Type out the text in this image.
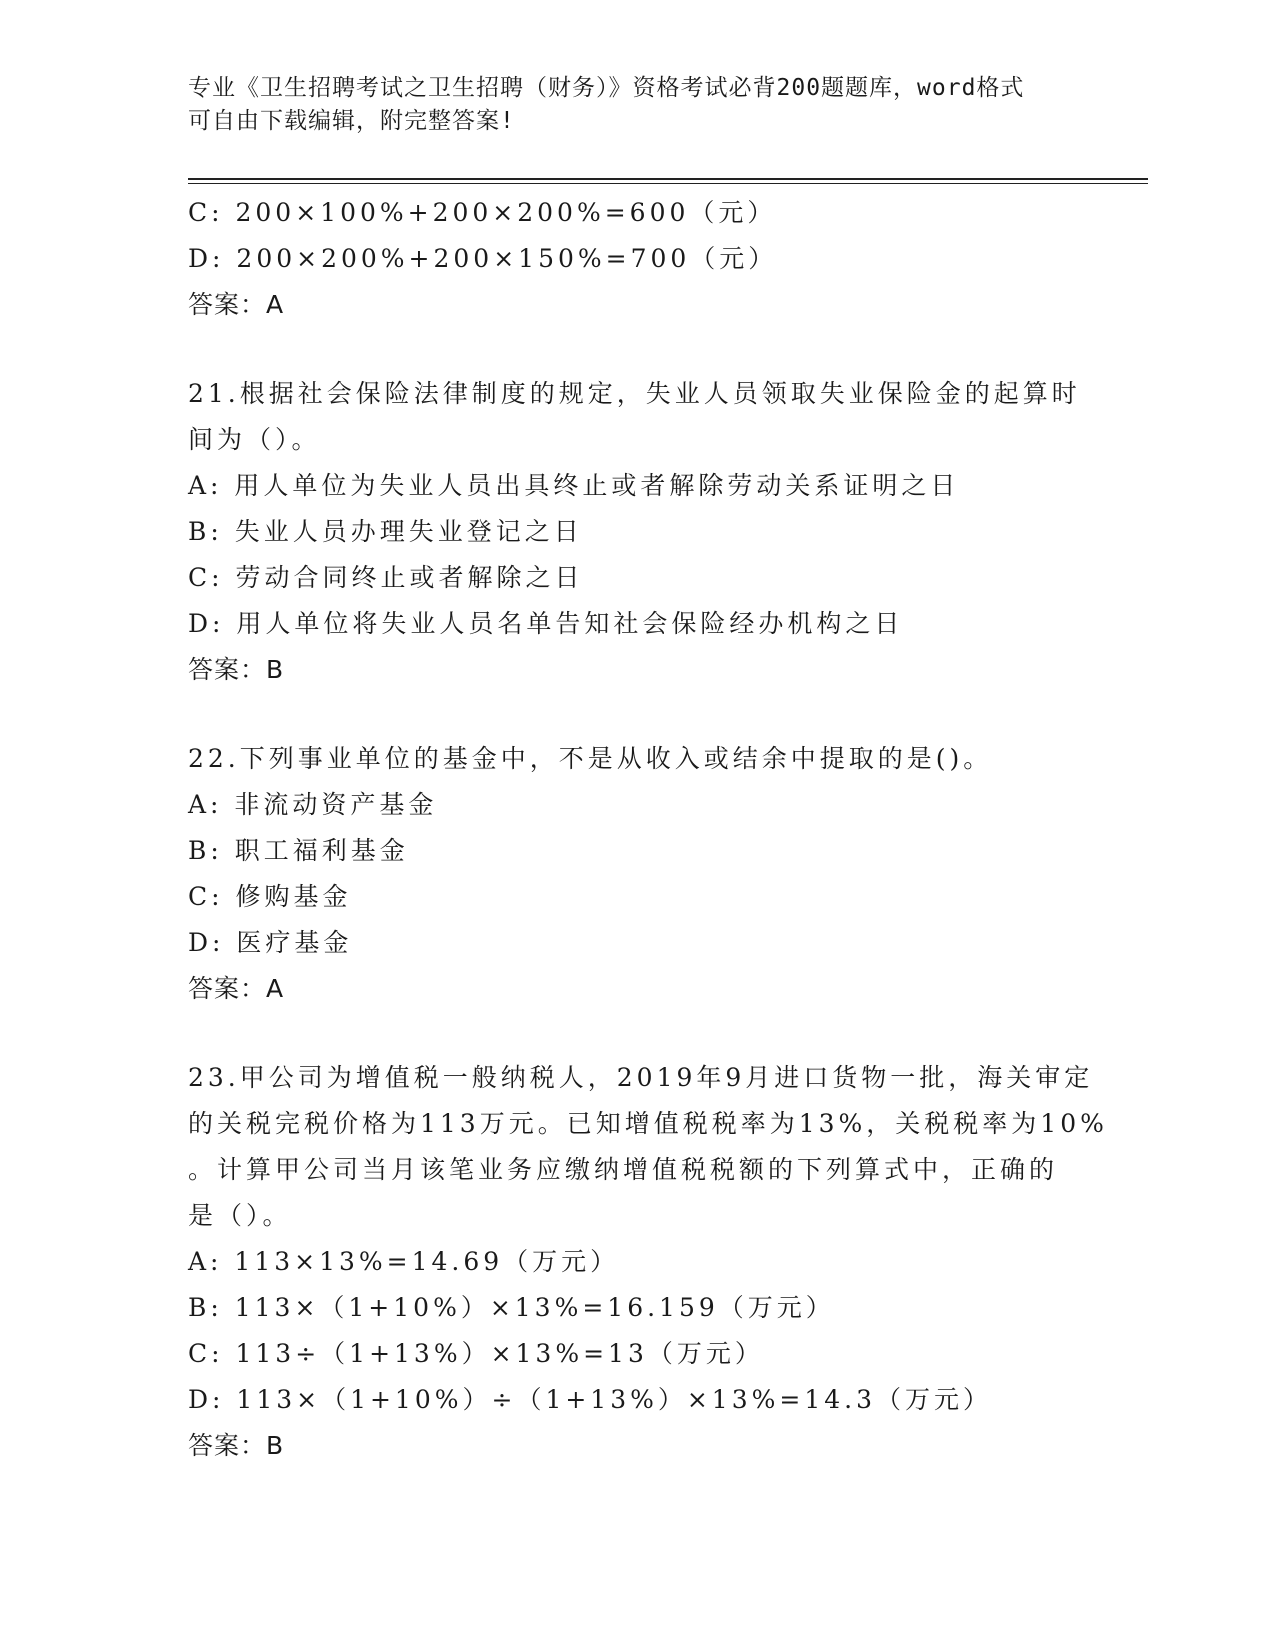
专业《卫生招聘考试之卫生招聘（财务）》资格考试必背200题题库，word格式
可自由下载编辑，附完整答案!
C: 200×100%+200×200%=600（元）
D: 200×200%+200×150%=700（元）
答案：A
21.根据社会保险法律制度的规定，失业人员领取失业保险金的起算时
间为（）。
A: 用人单位为失业人员出具终止或者解除劳动关系证明之日
B: 失业人员办理失业登记之日
C: 劳动合同终止或者解除之日
D: 用人单位将失业人员名单告知社会保险经办机构之日
答案：B
22.下列事业单位的基金中，不是从收入或结余中提取的是()。
A: 非流动资产基金
B: 职工福利基金
C: 修购基金
D: 医疗基金
答案：A
23.甲公司为增值税一般纳税人，2019年9月进口货物一批，海关审定
的关税完税价格为113万元。已知增值税税率为13%，关税税率为10%
。计算甲公司当月该笔业务应缴纳增值税税额的下列算式中，正确的
是（）。
A: 113×13%=14.69（万元）
B: 113×（1+10%）×13%=16.159（万元）
C: 113÷（1+13%）×13%=13（万元）
D: 113×（1+10%）÷（1+13%）×13%=14.3（万元）
答案：B
